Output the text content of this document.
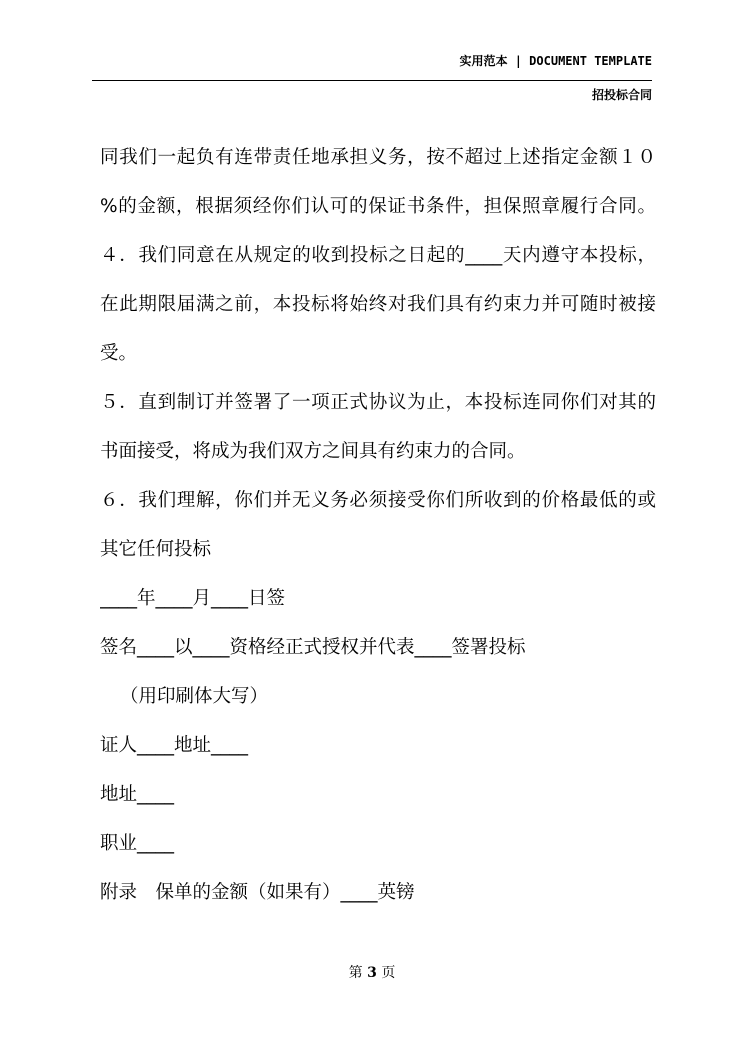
实用范本 | DOCUMENT TEMPLATE
招投标合同
同我们一起负有连带责任地承担义务，按不超过上述指定金额１０
%的金额，根据须经你们认可的保证书条件，担保照章履行合同。
４．我们同意在从规定的收到投标之日起的____天内遵守本投标，
在此期限届满之前，本投标将始终对我们具有约束力并可随时被接
受。
５．直到制订并签署了一项正式协议为止，本投标连同你们对其的
书面接受，将成为我们双方之间具有约束力的合同。
６．我们理解，你们并无义务必须接受你们所收到的价格最低的或
其它任何投标
____年____月____日签
签名____以____资格经正式授权并代表____签署投标
（用印刷体大写）
证人____地址____
地址____
职业____
附录　保单的金额（如果有）____英镑
第 3 页
